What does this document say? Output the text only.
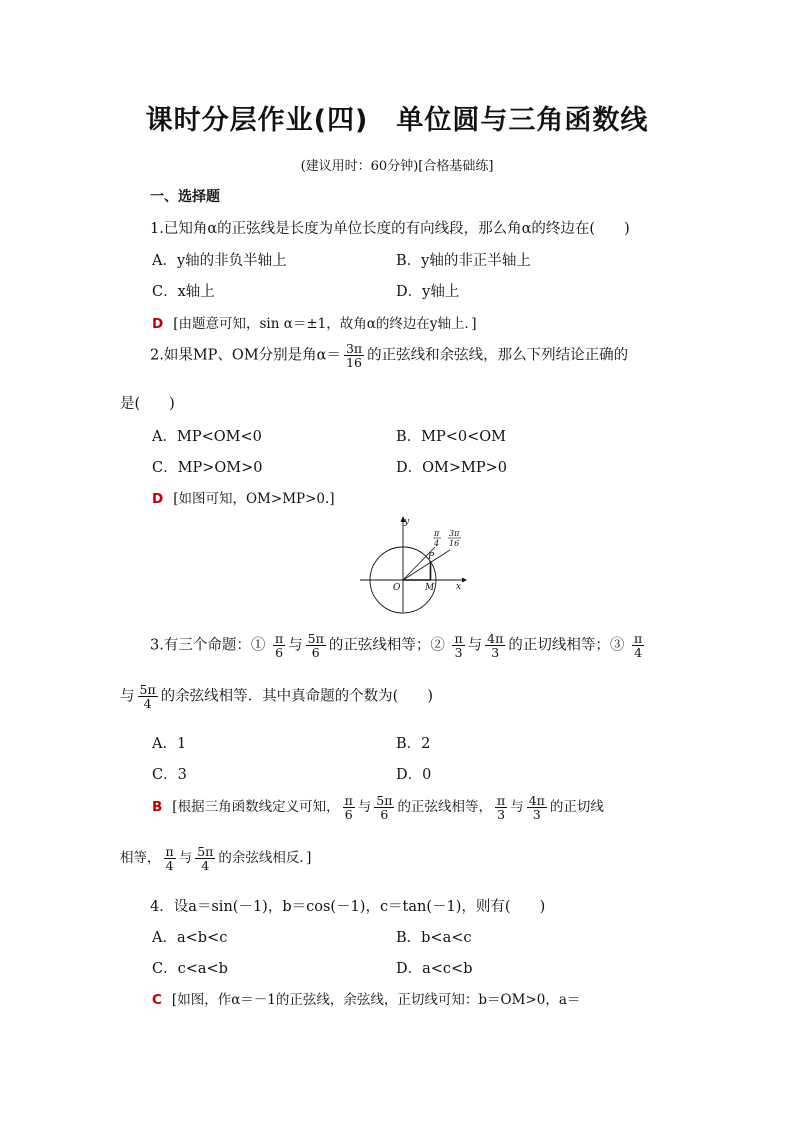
课时分层作业(四)　单位圆与三角函数线
(建议用时：60分钟)[合格基础练]
一、选择题
1.已知角α的正弦线是长度为单位长度的有向线段，那么角α的终边在(　　)
A．y轴的非负半轴上	B．y轴的非正半轴上
C．x轴上	D．y轴上
D [由题意可知，sin α＝±1，故角α的终边在y轴上．]
2.如果MP、OM分别是角$\alpha= \frac{3\pi}{16}$ 的正弦线和余弦线，那么下列结论正确的
是(　　)
A．MP<OM<0	B．MP<0<OM
C．MP>OM>0	D．OM>MP>0
D [如图可知，OM>MP>0.]
y
x
O	M
P
π
4
3π
16
3.有三个命题：① $\frac{\pi}{6}$ 与 $\frac{5\pi}{6}$ 的正弦线相等；② $\frac{\pi}{3}$ 与 $\frac{4\pi}{3}$ 的正切线相等；③ $\frac{\pi}{4}$
与 $\frac{5\pi}{4}$ 的余弦线相等．其中真命题的个数为(　　)
A．1	B．2
C．3	D．0
B [根据三角函数线定义可知， $\frac{\pi}{6}$ 与 $\frac{5\pi}{6}$ 的正弦线相等， $\frac{\pi}{3}$ 与 $\frac{4\pi}{3}$ 的正切线
相等， $\frac{\pi}{4}$ 与 $\frac{5\pi}{4}$ 的余弦线相反．]
4．设a＝sin(－1)，b＝cos(－1)，c＝tan(－1)，则有(　　)
A．a<b<c	B．b<a<c
C．c<a<b	D．a<c<b
C [如图，作α＝－1的正弦线，余弦线，正切线可知：b＝OM>0，a＝
